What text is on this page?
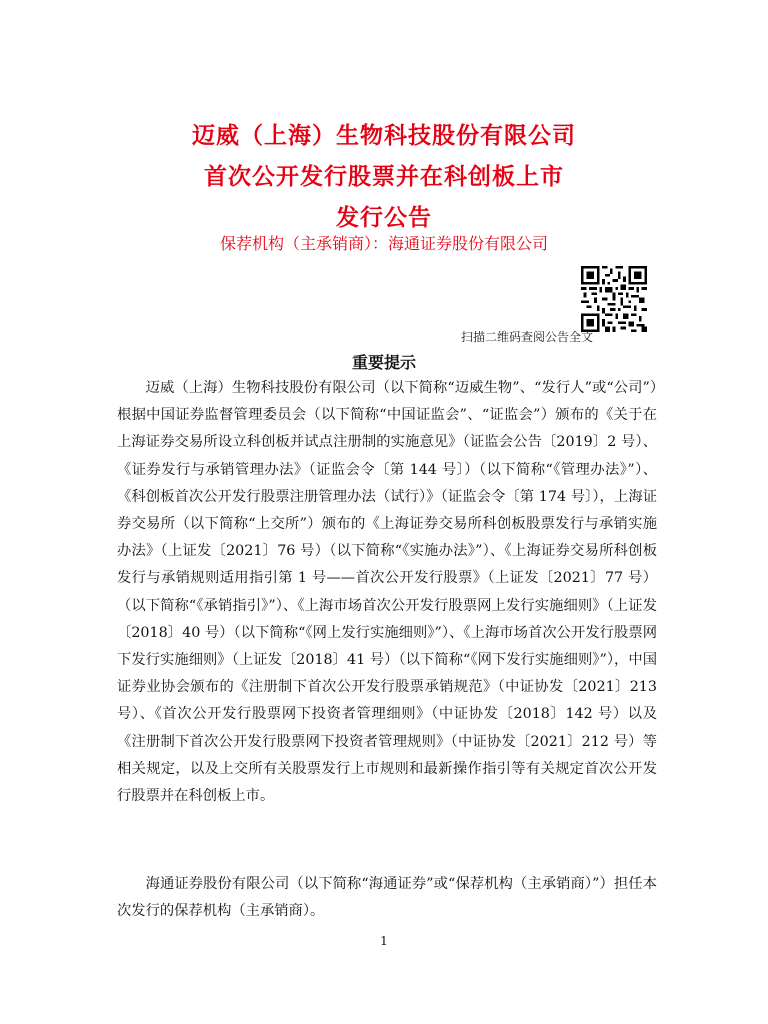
迈威（上海）生物科技股份有限公司
首次公开发行股票并在科创板上市
发行公告
保荐机构（主承销商）：海通证券股份有限公司
扫描二维码查阅公告全文
重要提示

迈威（上海）生物科技股份有限公司（以下简称“迈威生物”、“发行人”或“公司”）根据中国证券监督管理委员会（以下简称“中国证监会”、“证监会”）颁布的《关于在上海证券交易所设立科创板并试点注册制的实施意见》（证监会公告〔2019〕2 号）、《证券发行与承销管理办法》（证监会令〔第 144 号〕）（以下简称“《管理办法》”）、《科创板首次公开发行股票注册管理办法（试行）》（证监会令〔第 174 号〕），上海证券交易所（以下简称“上交所”）颁布的《上海证券交易所科创板股票发行与承销实施办法》（上证发〔2021〕76 号）（以下简称“《实施办法》”）、《上海证券交易所科创板发行与承销规则适用指引第 1 号——首次公开发行股票》（上证发〔2021〕77 号）（以下简称“《承销指引》”）、《上海市场首次公开发行股票网上发行实施细则》（上证发〔2018〕40 号）（以下简称“《网上发行实施细则》”）、《上海市场首次公开发行股票网下发行实施细则》（上证发〔2018〕41 号）（以下简称“《网下发行实施细则》”），中国证券业协会颁布的《注册制下首次公开发行股票承销规范》（中证协发〔2021〕213 号）、《首次公开发行股票网下投资者管理细则》（中证协发〔2018〕142 号）以及《注册制下首次公开发行股票网下投资者管理规则》（中证协发〔2021〕212 号）等相关规定，以及上交所有关股票发行上市规则和最新操作指引等有关规定首次公开发行股票并在科创板上市。

海通证券股份有限公司（以下简称“海通证券”或“保荐机构（主承销商）”）担任本次发行的保荐机构（主承销商）。

1
